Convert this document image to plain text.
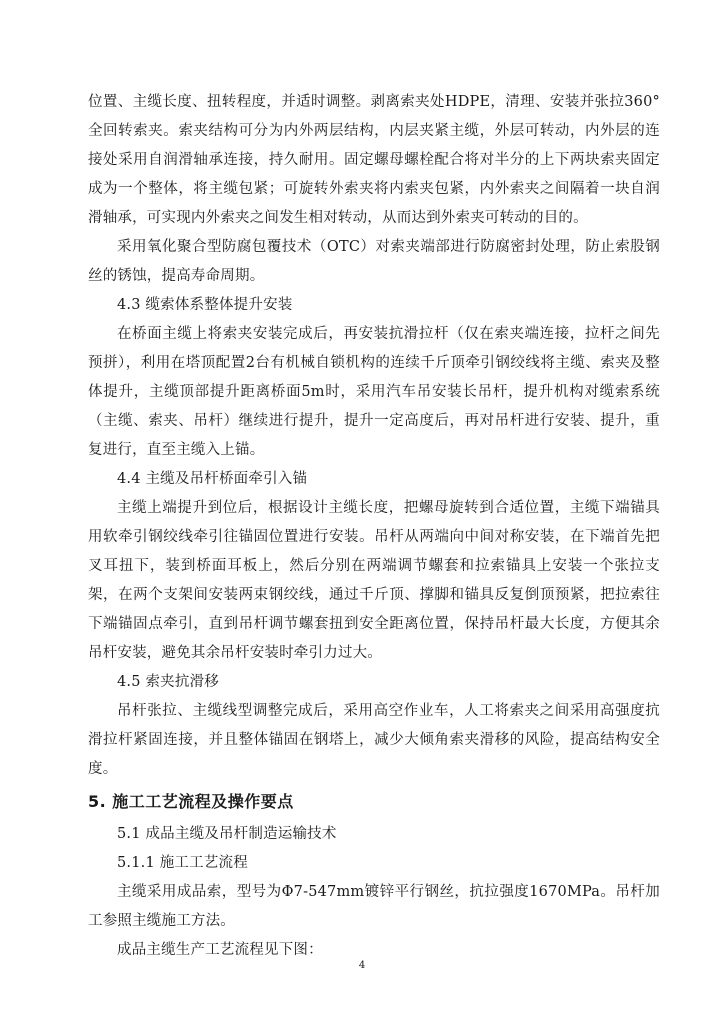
位置、主缆长度、扭转程度，并适时调整。剥离索夹处HDPE，清理、安装并张拉360° 全回转索夹。索夹结构可分为内外两层结构，内层夹紧主缆，外层可转动，内外层的连接处采用自润滑轴承连接，持久耐用。固定螺母螺栓配合将对半分的上下两块索夹固定成为一个整体，将主缆包紧；可旋转外索夹将内索夹包紧，内外索夹之间隔着一块自润滑轴承，可实现内外索夹之间发生相对转动，从而达到外索夹可转动的目的。

采用氧化聚合型防腐包覆技术（OTC）对索夹端部进行防腐密封处理，防止索股钢丝的锈蚀，提高寿命周期。

4.3 缆索体系整体提升安装

在桥面主缆上将索夹安装完成后，再安装抗滑拉杆（仅在索夹端连接，拉杆之间先预拼），利用在塔顶配置2台有机械自锁机构的连续千斤顶牵引钢绞线将主缆、索夹及整体提升，主缆顶部提升距离桥面5m时，采用汽车吊安装长吊杆，提升机构对缆索系统（主缆、索夹、吊杆）继续进行提升，提升一定高度后，再对吊杆进行安装、提升，重复进行，直至主缆入上锚。

4.4 主缆及吊杆桥面牵引入锚

主缆上端提升到位后，根据设计主缆长度，把螺母旋转到合适位置，主缆下端锚具用软牵引钢绞线牵引往锚固位置进行安装。吊杆从两端向中间对称安装，在下端首先把叉耳扭下，装到桥面耳板上，然后分别在两端调节螺套和拉索锚具上安装一个张拉支架，在两个支架间安装两束钢绞线，通过千斤顶、撑脚和锚具反复倒顶预紧，把拉索往下端锚固点牵引，直到吊杆调节螺套扭到安全距离位置，保持吊杆最大长度，方便其余吊杆安装，避免其余吊杆安装时牵引力过大。

4.5 索夹抗滑移

吊杆张拉、主缆线型调整完成后，采用高空作业车，人工将索夹之间采用高强度抗滑拉杆紧固连接，并且整体锚固在钢塔上，减少大倾角索夹滑移的风险，提高结构安全度。

5. 施工工艺流程及操作要点

5.1 成品主缆及吊杆制造运输技术

5.1.1 施工工艺流程

主缆采用成品索，型号为Φ7-547mm镀锌平行钢丝，抗拉强度1670MPa。吊杆加工参照主缆施工方法。

成品主缆生产工艺流程见下图：

4
